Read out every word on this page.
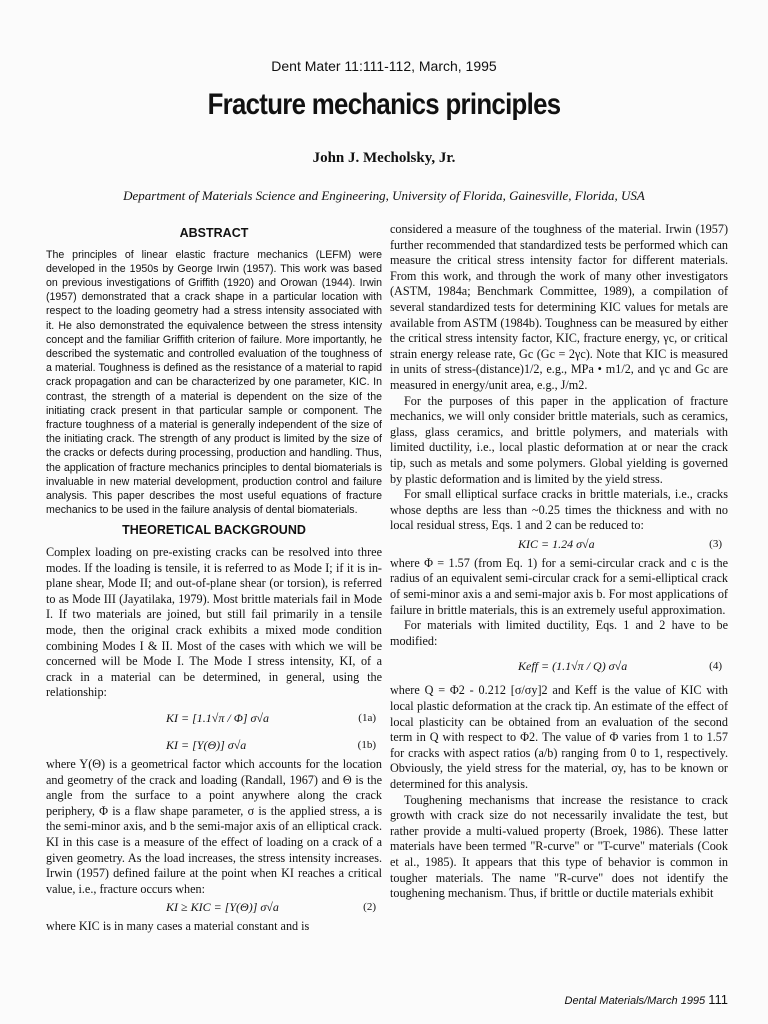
Dent Mater 11:111-112, March, 1995
Fracture mechanics principles
John J. Mecholsky, Jr.
Department of Materials Science and Engineering, University of Florida, Gainesville, Florida, USA
ABSTRACT

The principles of linear elastic fracture mechanics (LEFM) were developed in the 1950s by George Irwin (1957). This work was based on previous investigations of Griffith (1920) and Orowan (1944). Irwin (1957) demonstrated that a crack shape in a particular location with respect to the loading geometry had a stress intensity associated with it. He also demonstrated the equivalence between the stress intensity concept and the familiar Griffith criterion of failure. More importantly, he described the systematic and controlled evaluation of the toughness of a material. Toughness is defined as the resistance of a material to rapid crack propagation and can be characterized by one parameter, KIC. In contrast, the strength of a material is dependent on the size of the initiating crack present in that particular sample or component. The fracture toughness of a material is generally independent of the size of the initiating crack. The strength of any product is limited by the size of the cracks or defects during processing, production and handling. Thus, the application of fracture mechanics principles to dental biomaterials is invaluable in new material development, production control and failure analysis. This paper describes the most useful equations of fracture mechanics to be used in the failure analysis of dental biomaterials.

THEORETICAL BACKGROUND

Complex loading on pre-existing cracks can be resolved into three modes. If the loading is tensile, it is referred to as Mode I; if it is in-plane shear, Mode II; and out-of-plane shear (or torsion), is referred to as Mode III (Jayatilaka, 1979). Most brittle materials fail in Mode I. If two materials are joined, but still fail primarily in a tensile mode, then the original crack exhibits a mixed mode condition combining Modes I & II. Most of the cases with which we will be concerned will be Mode I. The Mode I stress intensity, KI, of a crack in a material can be determined, in general, using the relationship:

KI = [1.1√π / Φ] σ√a	(1a)
KI = [Y(Θ)] σ√a	(1b)

where Y(Θ) is a geometrical factor which accounts for the location and geometry of the crack and loading (Randall, 1967) and Θ is the angle from the surface to a point anywhere along the crack periphery, Φ is a flaw shape parameter, σ is the applied stress, a is the semi-minor axis, and b the semi-major axis of an elliptical crack. KI in this case is a measure of the effect of loading on a crack of a given geometry. As the load increases, the stress intensity increases. Irwin (1957) defined failure at the point when KI reaches a critical value, i.e., fracture occurs when:

KI ≥ KIC = [Y(Θ)] σ√a	(2)

where KIC is in many cases a material constant and is

considered a measure of the toughness of the material. Irwin (1957) further recommended that standardized tests be performed which can measure the critical stress intensity factor for different materials. From this work, and through the work of many other investigators (ASTM, 1984a; Benchmark Committee, 1989), a compilation of several standardized tests for determining KIC values for metals are available from ASTM (1984b). Toughness can be measured by either the critical stress intensity factor, KIC, fracture energy, γc, or critical strain energy release rate, Gc (Gc = 2γc). Note that KIC is measured in units of stress-(distance)1/2, e.g., MPa • m1/2, and γc and Gc are measured in energy/unit area, e.g., J/m2.

For the purposes of this paper in the application of fracture mechanics, we will only consider brittle materials, such as ceramics, glass, glass ceramics, and brittle polymers, and materials with limited ductility, i.e., local plastic deformation at or near the crack tip, such as metals and some polymers. Global yielding is governed by plastic deformation and is limited by the yield stress.

For small elliptical surface cracks in brittle materials, i.e., cracks whose depths are less than ~0.25 times the thickness and with no local residual stress, Eqs. 1 and 2 can be reduced to:

KIC = 1.24 σ√a	(3)

where Φ = 1.57 (from Eq. 1) for a semi-circular crack and c is the radius of an equivalent semi-circular crack for a semi-elliptical crack of semi-minor axis a and semi-major axis b. For most applications of failure in brittle materials, this is an extremely useful approximation.

For materials with limited ductility, Eqs. 1 and 2 have to be modified:

Keff = (1.1√π / Q) σ√a	(4)

where Q = Φ2 - 0.212 [σ/σy]2 and Keff is the value of KIC with local plastic deformation at the crack tip. An estimate of the effect of local plasticity can be obtained from an evaluation of the second term in Q with respect to Φ2. The value of Φ varies from 1 to 1.57 for cracks with aspect ratios (a/b) ranging from 0 to 1, respectively. Obviously, the yield stress for the material, σy, has to be known or determined for this analysis.

Toughening mechanisms that increase the resistance to crack growth with crack size do not necessarily invalidate the test, but rather provide a multi-valued property (Broek, 1986). These latter materials have been termed "R-curve" or "T-curve" materials (Cook et al., 1985). It appears that this type of behavior is common in tougher materials. The name "R-curve" does not identify the toughening mechanism. Thus, if brittle or ductile materials exhibit

Dental Materials/March 1995 111
